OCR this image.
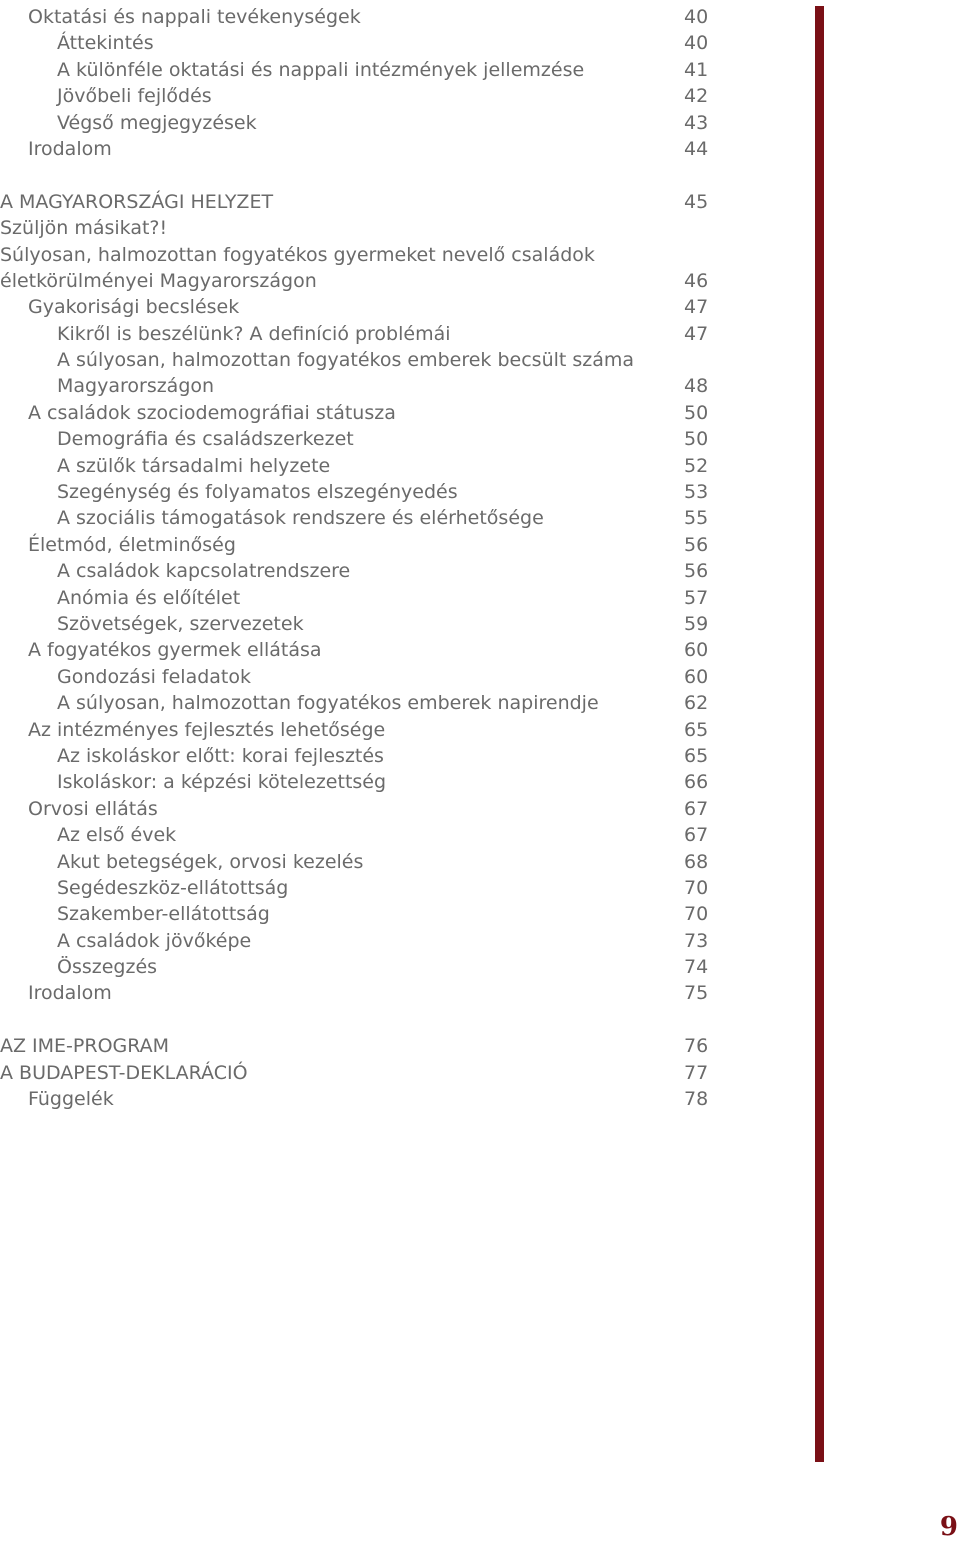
Oktatási és nappali tevékenységek	40
Áttekintés	40
A különféle oktatási és nappali intézmények jellemzése	41
Jövőbeli fejlődés	42
Végső megjegyzések	43
Irodalom	44
A MAGYARORSZÁGI HELYZET	45
Szüljön másikat?!
Súlyosan, halmozottan fogyatékos gyermeket nevelő családok
életkörülményei Magyarországon	46
Gyakorisági becslések	47
Kikről is beszélünk? A definíció problémái	47
A súlyosan, halmozottan fogyatékos emberek becsült száma
Magyarországon	48
A családok szociodemográfiai státusza	50
Demográfia és családszerkezet	50
A szülők társadalmi helyzete	52
Szegénység és folyamatos elszegényedés	53
A szociális támogatások rendszere és elérhetősége	55
Életmód, életminőség	56
A családok kapcsolatrendszere	56
Anómia és előítélet	57
Szövetségek, szervezetek	59
A fogyatékos gyermek ellátása	60
Gondozási feladatok	60
A súlyosan, halmozottan fogyatékos emberek napirendje	62
Az intézményes fejlesztés lehetősége	65
Az iskoláskor előtt: korai fejlesztés	65
Iskoláskor: a képzési kötelezettség	66
Orvosi ellátás	67
Az első évek	67
Akut betegségek, orvosi kezelés	68
Segédeszköz-ellátottság	70
Szakember-ellátottság	70
A családok jövőképe	73
Összegzés	74
Irodalom	75
AZ IME-PROGRAM	76
A BUDAPEST-DEKLARÁCIÓ	77
Függelék	78
9
